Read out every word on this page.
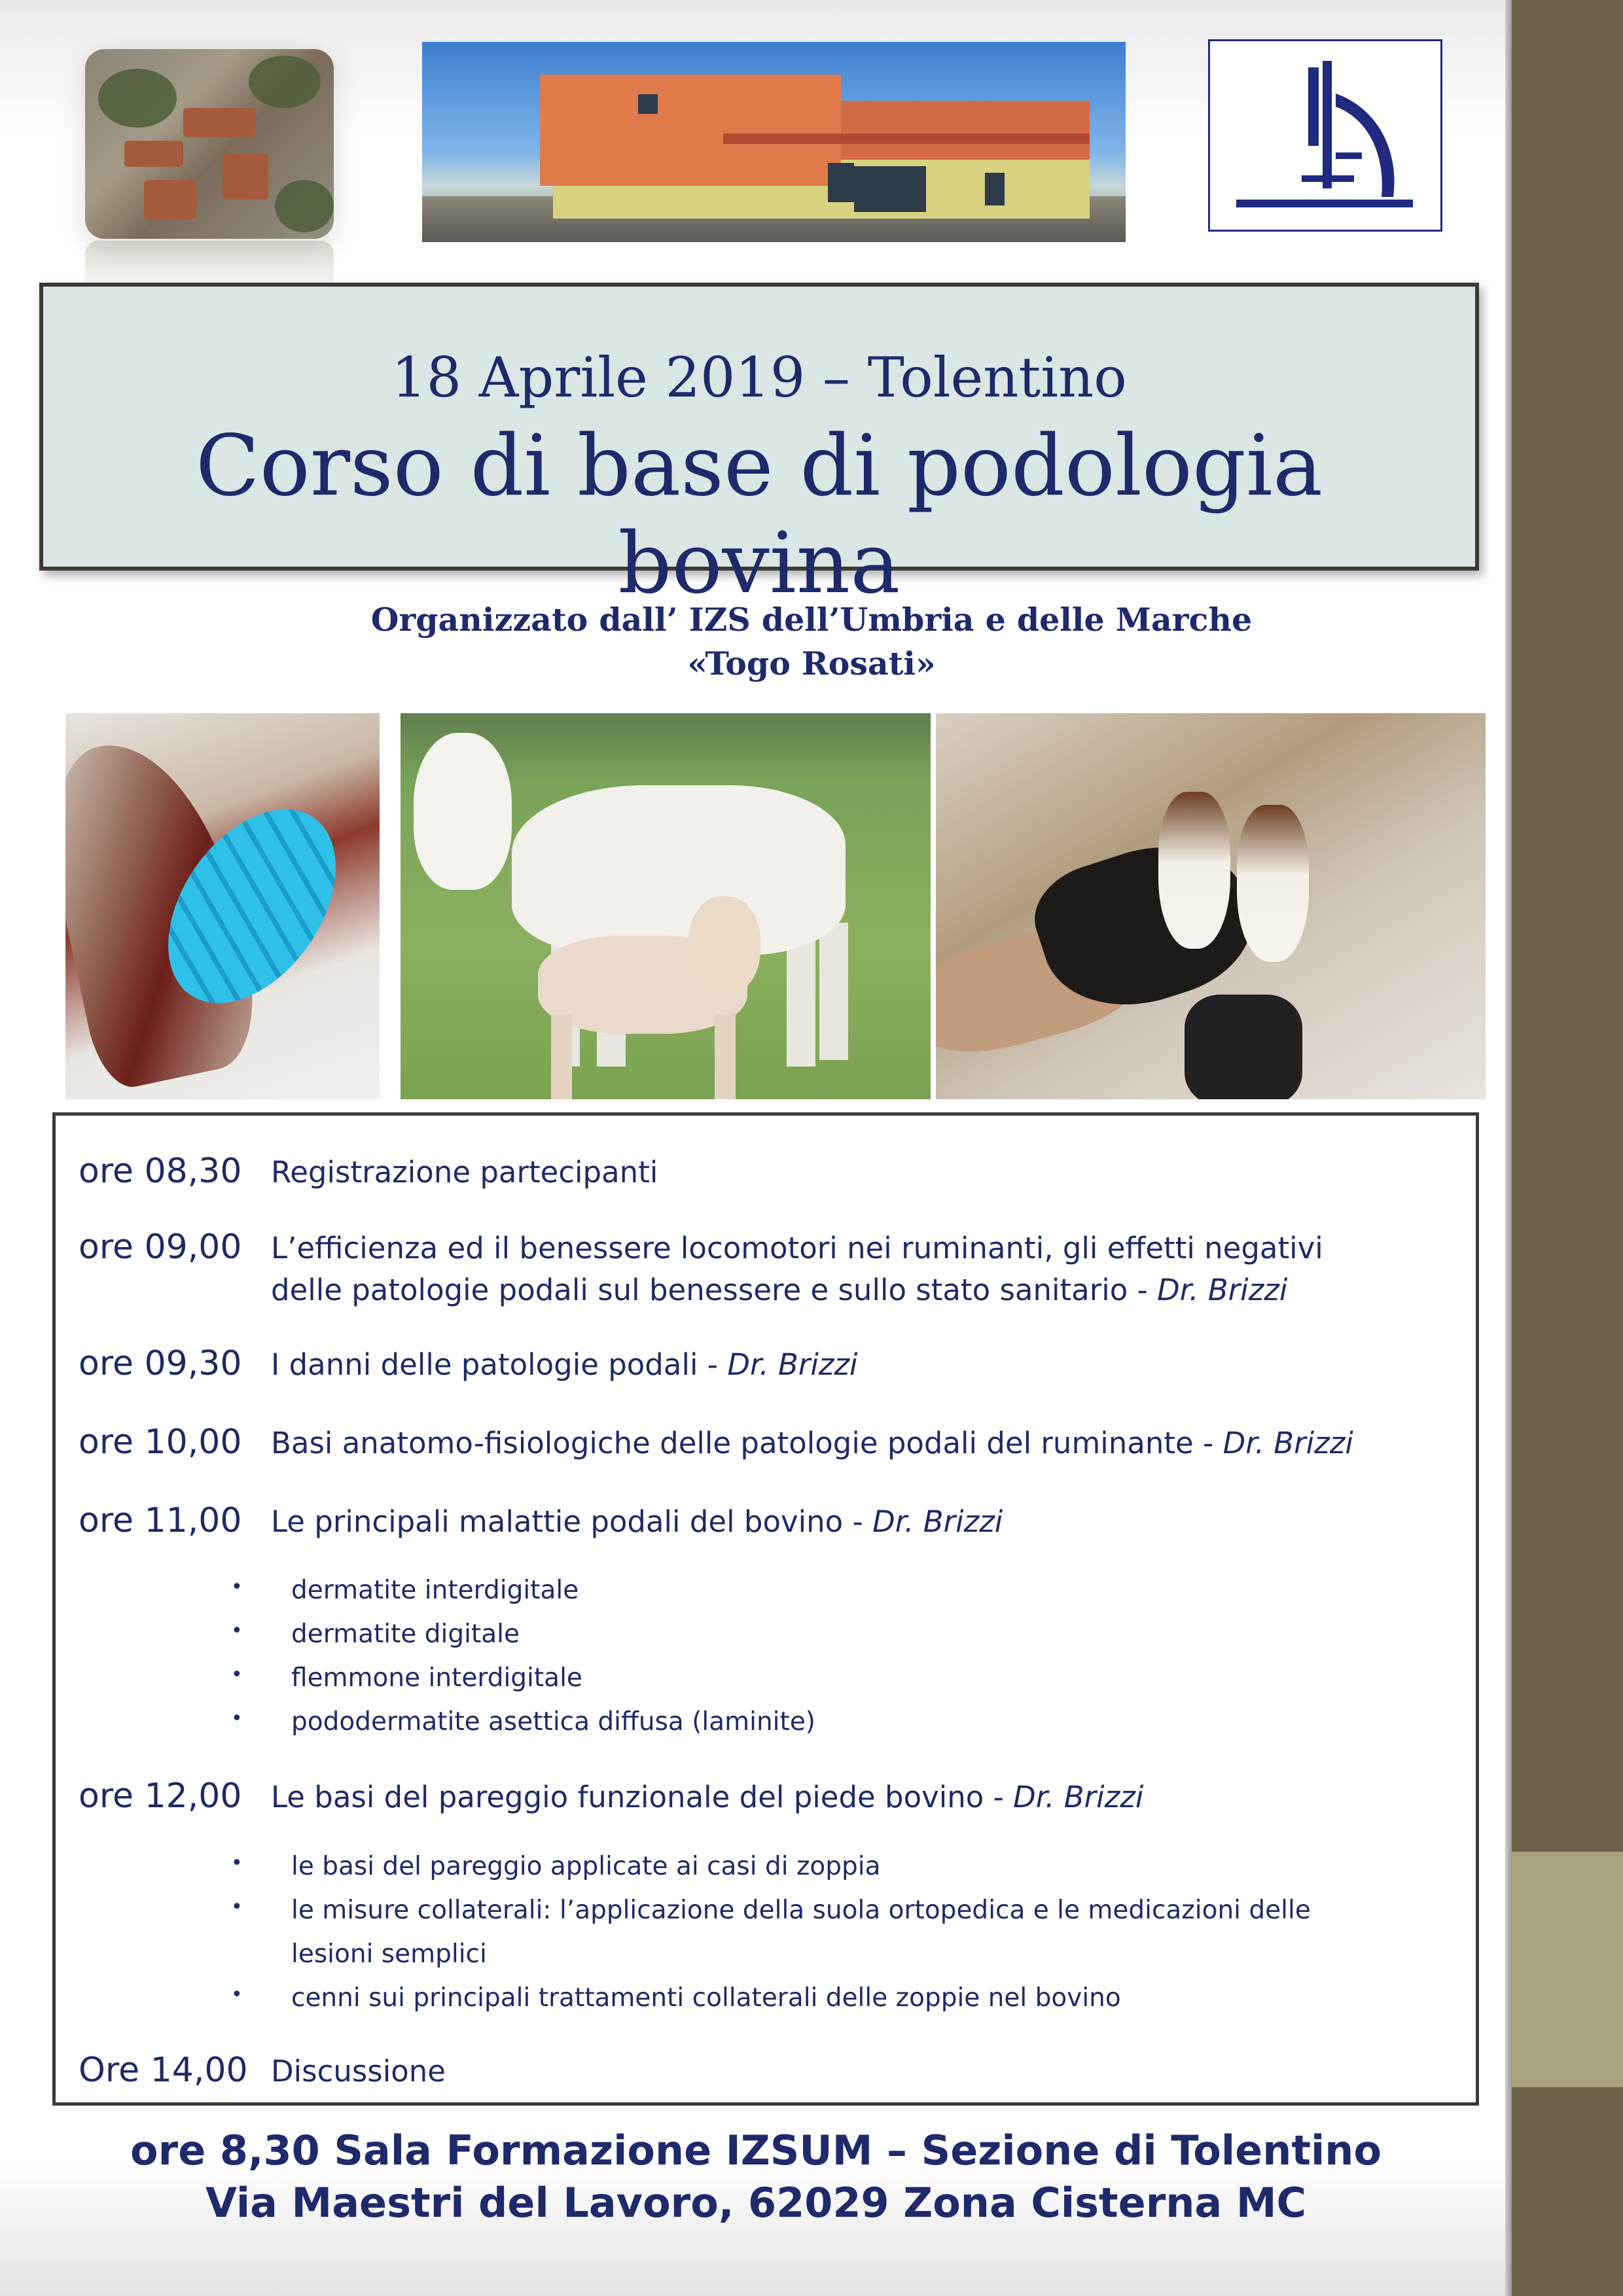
18 Aprile 2019 – Tolentino
Corso di base di podologia bovina
Organizzato dall’ IZS dell’Umbria e delle Marche
«Togo Rosati»
ore 08,30 Registrazione partecipanti
ore 09,00 L’efficienza ed il benessere locomotori nei ruminanti, gli effetti negativi
delle patologie podali sul benessere e sullo stato sanitario - Dr. Brizzi
ore 09,30 I danni delle patologie podali - Dr. Brizzi
ore 10,00 Basi anatomo-fisiologiche delle patologie podali del ruminante - Dr. Brizzi
ore 11,00 Le principali malattie podali del bovino - Dr. Brizzi
• dermatite interdigitale
• dermatite digitale
• flemmone interdigitale
• pododermatite asettica diffusa (laminite)
ore 12,00 Le basi del pareggio funzionale del piede bovino - Dr. Brizzi
• le basi del pareggio applicate ai casi di zoppia
• le misure collaterali: l’applicazione della suola ortopedica e le medicazioni delle
lesioni semplici
• cenni sui principali trattamenti collaterali delle zoppie nel bovino
Ore 14,00 Discussione
ore 8,30 Sala Formazione IZSUM – Sezione di Tolentino
Via Maestri del Lavoro, 62029 Zona Cisterna MC
